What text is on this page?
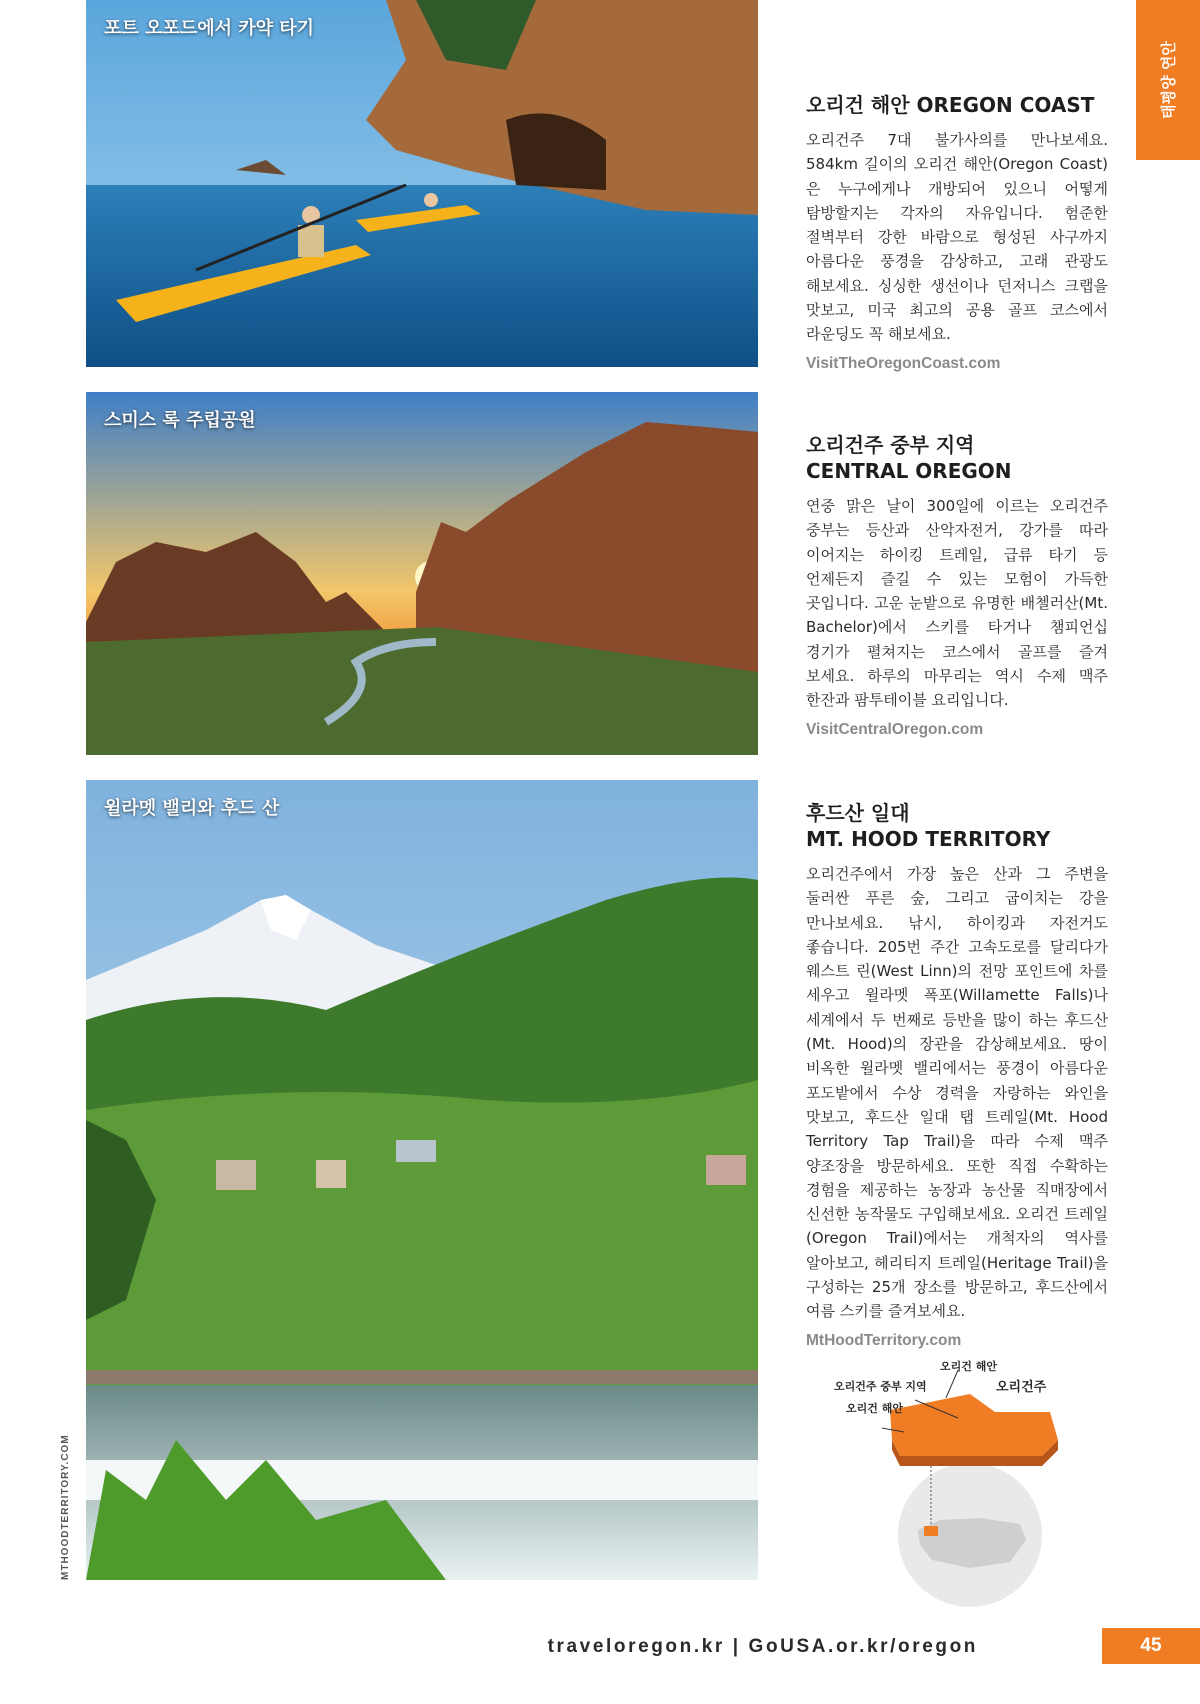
태평양 연안
포트 오포드에서 카약 타기
스미스 록 주립공원
윌라멧 밸리와 후드 산
오리건 해안 OREGON COAST

오리건주 7대 불가사의를 만나보세요. 584km 길이의 오리건 해안(Oregon Coast)은 누구에게나 개방되어 있으니 어떻게 탐방할지는 각자의 자유입니다. 험준한 절벽부터 강한 바람으로 형성된 사구까지 아름다운 풍경을 감상하고, 고래 관광도 해보세요. 싱싱한 생선이나 던저니스 크랩을 맛보고, 미국 최고의 공용 골프 코스에서 라운딩도 꼭 해보세요.

VisitTheOregonCoast.com
오리건주 중부 지역
CENTRAL OREGON

연중 맑은 날이 300일에 이르는 오리건주 중부는 등산과 산악자전거, 강가를 따라 이어지는 하이킹 트레일, 급류 타기 등 언제든지 즐길 수 있는 모험이 가득한 곳입니다. 고운 눈밭으로 유명한 배첼러산(Mt. Bachelor)에서 스키를 타거나 챔피언십 경기가 펼쳐지는 코스에서 골프를 즐겨 보세요. 하루의 마무리는 역시 수제 맥주 한잔과 팜투테이블 요리입니다.

VisitCentralOregon.com
후드산 일대
MT. HOOD TERRITORY

오리건주에서 가장 높은 산과 그 주변을 둘러싼 푸른 숲, 그리고 굽이치는 강을 만나보세요. 낚시, 하이킹과 자전거도 좋습니다. 205번 주간 고속도로를 달리다가 웨스트 린(West Linn)의 전망 포인트에 차를 세우고 윌라멧 폭포(Willamette Falls)나 세계에서 두 번째로 등반을 많이 하는 후드산(Mt. Hood)의 장관을 감상해보세요. 땅이 비옥한 윌라멧 밸리에서는 풍경이 아름다운 포도밭에서 수상 경력을 자랑하는 와인을 맛보고, 후드산 일대 탭 트레일(Mt. Hood Territory Tap Trail)을 따라 수제 맥주 양조장을 방문하세요. 또한 직접 수확하는 경험을 제공하는 농장과 농산물 직매장에서 신선한 농작물도 구입해보세요. 오리건 트레일(Oregon Trail)에서는 개척자의 역사를 알아보고, 헤리티지 트레일(Heritage Trail)을 구성하는 25개 장소를 방문하고, 후드산에서 여름 스키를 즐겨보세요.

MtHoodTerritory.com
오리건 해안
오리건주
오리건주 중부 지역
오리건 해안
MTHOODTERRITORY.COM
traveloregon.kr | GoUSA.or.kr/oregon	45
